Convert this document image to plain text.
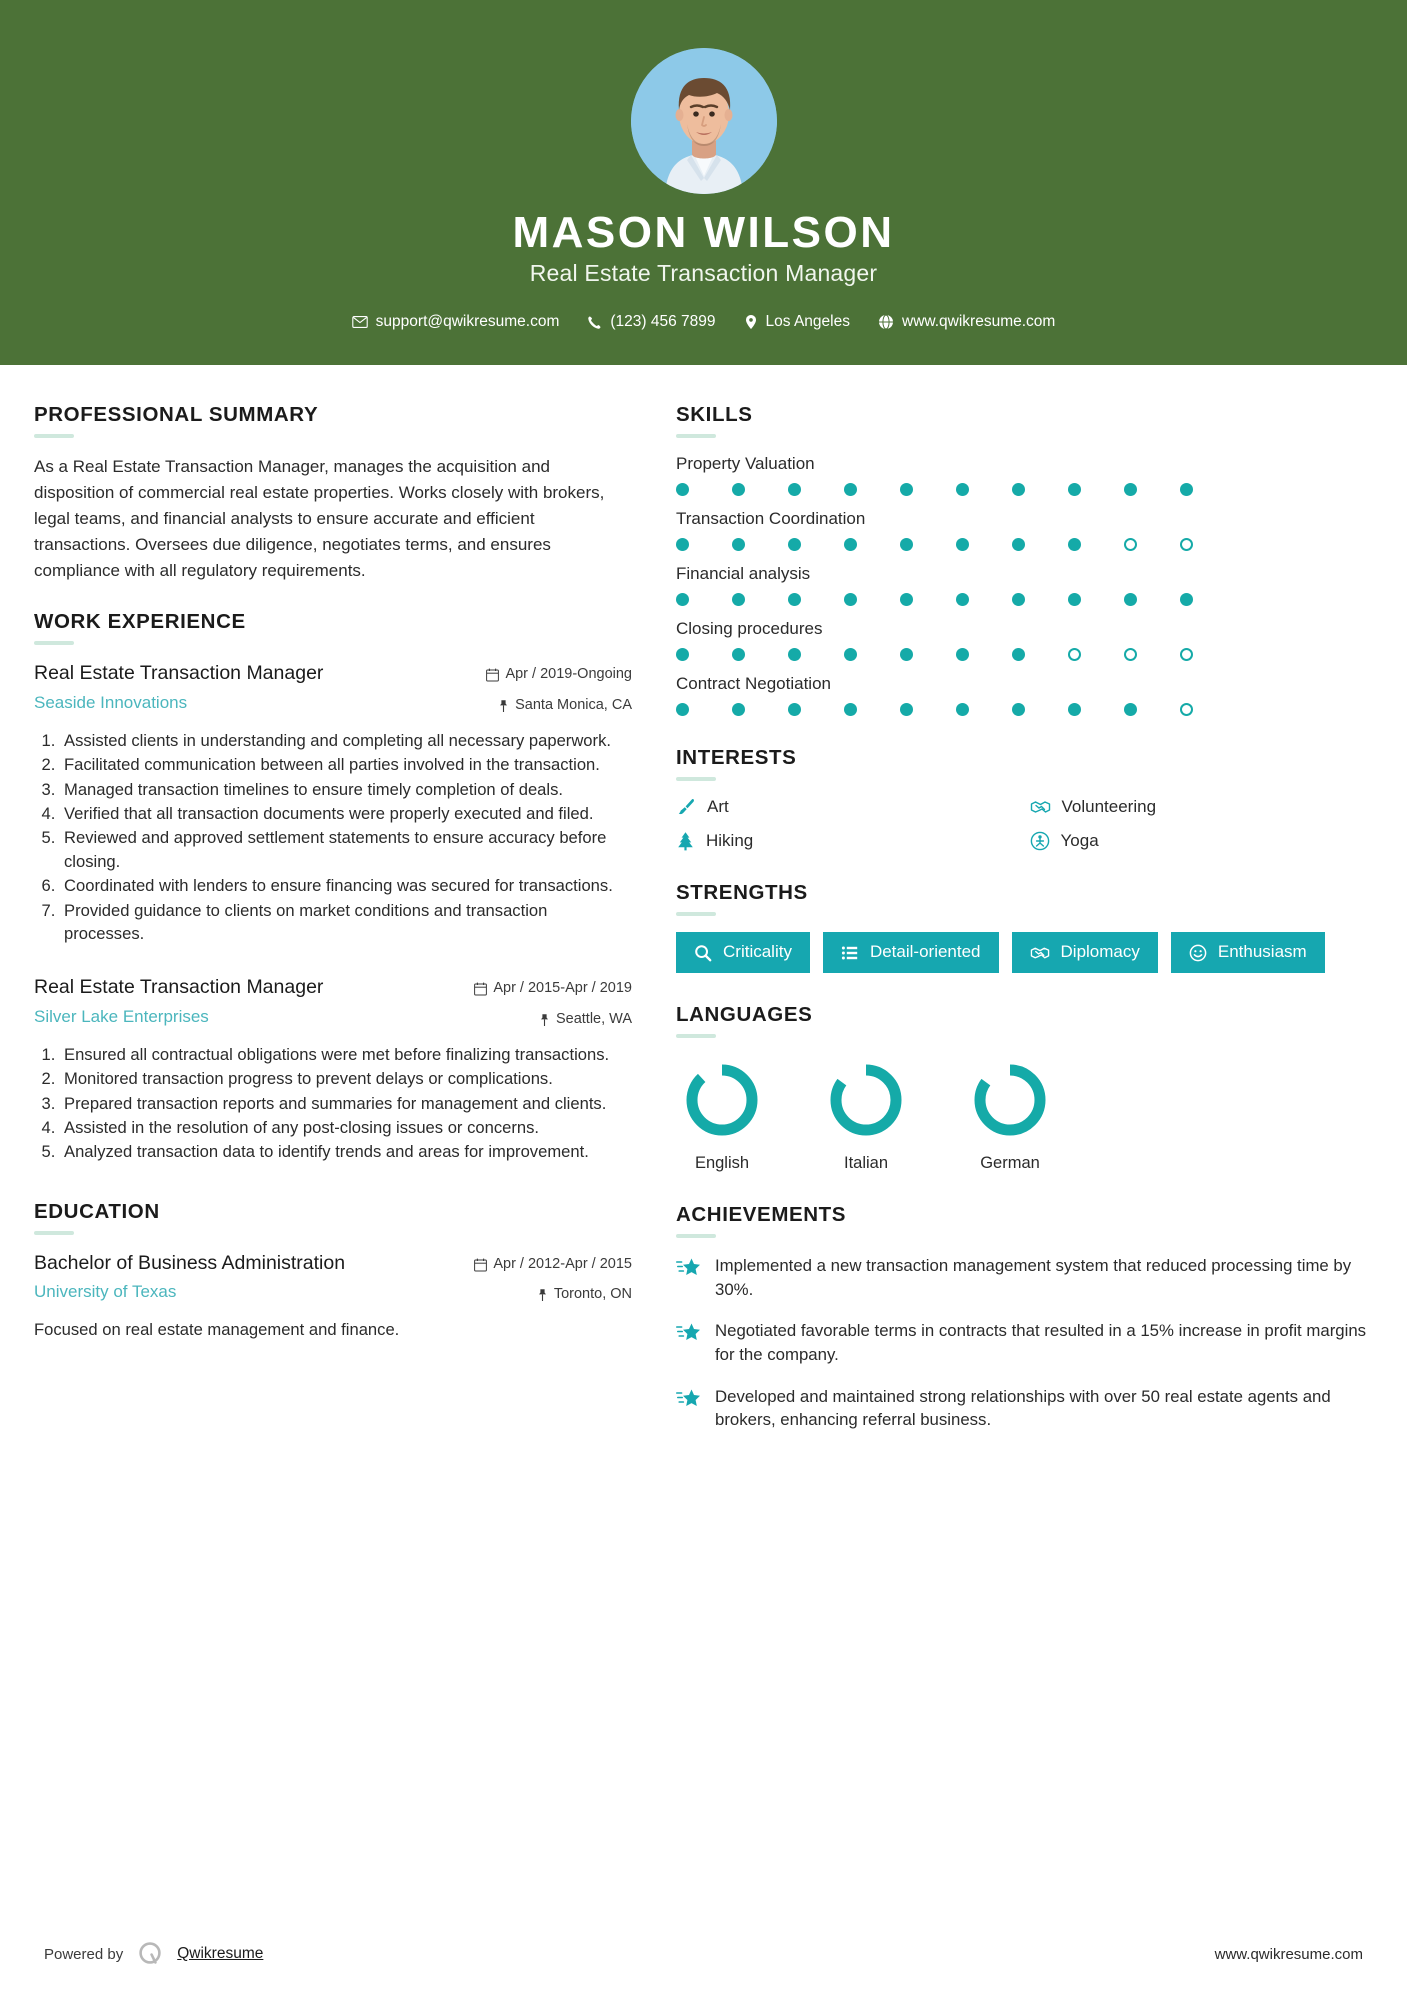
MASON WILSON
Real Estate Transaction Manager
support@qwikresume.com	(123) 456 7899	Los Angeles	www.qwikresume.com
PROFESSIONAL SUMMARY
As a Real Estate Transaction Manager, manages the acquisition and disposition of commercial real estate properties. Works closely with brokers, legal teams, and financial analysts to ensure accurate and efficient transactions. Oversees due diligence, negotiates terms, and ensures compliance with all regulatory requirements.
WORK EXPERIENCE
Real Estate Transaction Manager
Seaside Innovations
Apr / 2019-Ongoing
Santa Monica, CA
1. Assisted clients in understanding and completing all necessary paperwork.
2. Facilitated communication between all parties involved in the transaction.
3. Managed transaction timelines to ensure timely completion of deals.
4. Verified that all transaction documents were properly executed and filed.
5. Reviewed and approved settlement statements to ensure accuracy before closing.
6. Coordinated with lenders to ensure financing was secured for transactions.
7. Provided guidance to clients on market conditions and transaction processes.
Real Estate Transaction Manager
Silver Lake Enterprises
Apr / 2015-Apr / 2019
Seattle, WA
1. Ensured all contractual obligations were met before finalizing transactions.
2. Monitored transaction progress to prevent delays or complications.
3. Prepared transaction reports and summaries for management and clients.
4. Assisted in the resolution of any post-closing issues or concerns.
5. Analyzed transaction data to identify trends and areas for improvement.
EDUCATION
Bachelor of Business Administration
University of Texas
Apr / 2012-Apr / 2015
Toronto, ON
Focused on real estate management and finance.
SKILLS
Property Valuation
Transaction Coordination
Financial analysis
Closing procedures
Contract Negotiation
INTERESTS
Art	Volunteering
Hiking	Yoga
STRENGTHS
Criticality	Detail-oriented	Diplomacy	Enthusiasm
LANGUAGES
English	Italian	German
ACHIEVEMENTS
Implemented a new transaction management system that reduced processing time by 30%.
Negotiated favorable terms in contracts that resulted in a 15% increase in profit margins for the company.
Developed and maintained strong relationships with over 50 real estate agents and brokers, enhancing referral business.
Powered by	Qwikresume	www.qwikresume.com
